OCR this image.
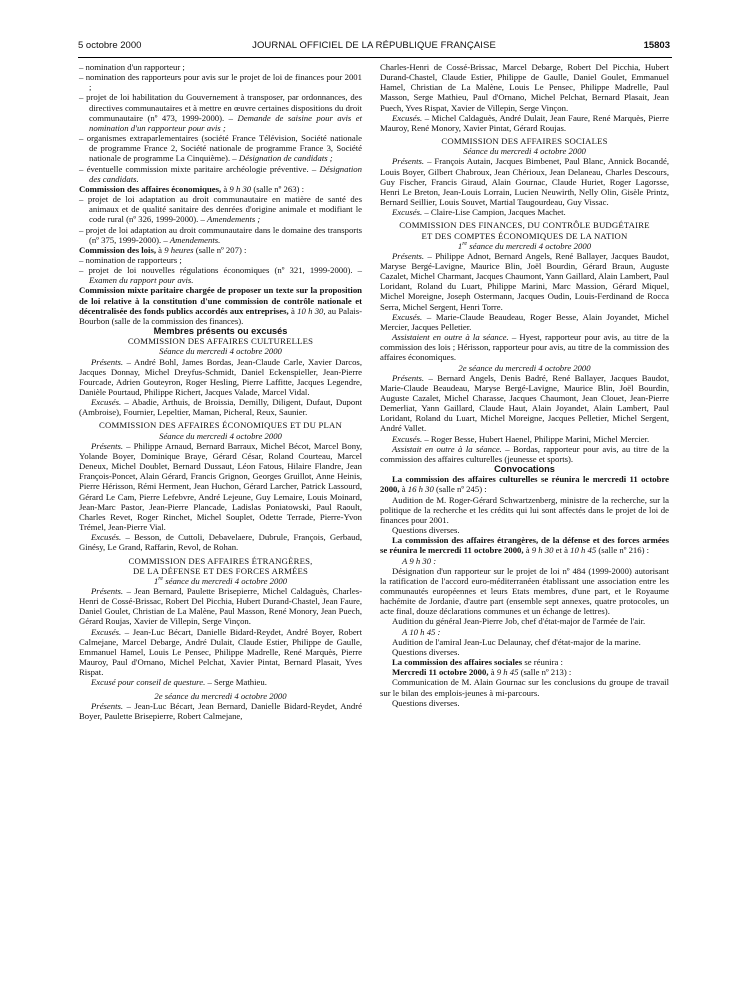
5 octobre 2000	JOURNAL OFFICIEL DE LA RÉPUBLIQUE FRANÇAISE	15803

– nomination d'un rapporteur ;

– nomination des rapporteurs pour avis sur le projet de loi de finances pour 2001 ;

– projet de loi habilitation du Gouvernement à transposer, par ordonnances, des directives communautaires et à mettre en œuvre certaines dispositions du droit communautaire (nº 473, 1999-2000). – Demande de saisine pour avis et nomination d'un rapporteur pour avis ;

– organismes extraparlementaires (société France Télévision, Société nationale de programme France 2, Société nationale de programme France 3, Société nationale de programme La Cinquième). – Désignation de candidats ;

– éventuelle commission mixte paritaire archéologie préventive. – Désignation des candidats.

Commission des affaires économiques, à 9 h 30 (salle nº 263) :

– projet de loi adaptation au droit communautaire en matière de santé des animaux et de qualité sanitaire des denrées d'origine animale et modifiant le code rural (nº 326, 1999-2000). – Amendements ;

– projet de loi adaptation au droit communautaire dans le domaine des transports (nº 375, 1999-2000). – Amendements.

Commission des lois, à 9 heures (salle nº 207) :

– nomination de rapporteurs ;

– projet de loi nouvelles régulations économiques (nº 321, 1999-2000). – Examen du rapport pour avis.

Commission mixte paritaire chargée de proposer un texte sur la proposition de loi relative à la constitution d'une commission de contrôle nationale et décentralisée des fonds publics accordés aux entreprises, à 10 h 30, au Palais-Bourbon (salle de la commission des finances).

Membres présents ou excusés

COMMISSION DES AFFAIRES CULTURELLES

Séance du mercredi 4 octobre 2000

Présents. – André Bohl, James Bordas, Jean-Claude Carle, Xavier Darcos, Jacques Donnay, Michel Dreyfus-Schmidt, Daniel Eckenspieller, Jean-Pierre Fourcade, Adrien Gouteyron, Roger Hesling, Pierre Laffitte, Jacques Legendre, Danièle Pourtaud, Philippe Richert, Jacques Valade, Marcel Vidal.

Excusés. – Abadie, Arthuis, de Broissia, Demilly, Diligent, Dufaut, Dupont (Ambroise), Fournier, Lepeltier, Maman, Picheral, Reux, Saunier.

COMMISSION DES AFFAIRES ÉCONOMIQUES ET DU PLAN

Séance du mercredi 4 octobre 2000

Présents. – Philippe Arnaud, Bernard Barraux, Michel Bécot, Marcel Bony, Yolande Boyer, Dominique Braye, Gérard César, Roland Courteau, Marcel Deneux, Michel Doublet, Bernard Dussaut, Léon Fatous, Hilaire Flandre, Jean François-Poncet, Alain Gérard, Francis Grignon, Georges Gruillot, Anne Heinis, Pierre Hérisson, Rémi Herment, Jean Huchon, Gérard Larcher, Patrick Lassourd, Gérard Le Cam, Pierre Lefebvre, André Lejeune, Guy Lemaire, Louis Moinard, Jean-Marc Pastor, Jean-Pierre Plancade, Ladislas Poniatowski, Paul Raoult, Charles Revet, Roger Rinchet, Michel Souplet, Odette Terrade, Pierre-Yvon Trémel, Jean-Pierre Vial.

Excusés. – Besson, de Cuttoli, Debavelaere, Dubrule, François, Gerbaud, Ginésy, Le Grand, Raffarin, Revol, de Rohan.

COMMISSION DES AFFAIRES ÉTRANGÈRES,

DE LA DÉFENSE ET DES FORCES ARMÉES

1re séance du mercredi 4 octobre 2000

Présents. – Jean Bernard, Paulette Brisepierre, Michel Caldaguès, Charles-Henri de Cossé-Brissac, Robert Del Picchia, Hubert Durand-Chastel, Jean Faure, Daniel Goulet, Christian de La Malène, Paul Masson, René Monory, Jean Puech, Gérard Roujas, Xavier de Villepin, Serge Vinçon.

Excusés. – Jean-Luc Bécart, Danielle Bidard-Reydet, André Boyer, Robert Calmejane, Marcel Debarge, André Dulait, Claude Estier, Philippe de Gaulle, Emmanuel Hamel, Louis Le Pensec, Philippe Madrelle, René Marquès, Pierre Mauroy, Paul d'Ornano, Michel Pelchat, Xavier Pintat, Bernard Plasait, Yves Rispat.

Excusé pour conseil de questure. – Serge Mathieu.

2e séance du mercredi 4 octobre 2000

Présents. – Jean-Luc Bécart, Jean Bernard, Danielle Bidard-Reydet, André Boyer, Paulette Brisepierre, Robert Calmejane,

Charles-Henri de Cossé-Brissac, Marcel Debarge, Robert Del Picchia, Hubert Durand-Chastel, Claude Estier, Philippe de Gaulle, Daniel Goulet, Emmanuel Hamel, Christian de La Malène, Louis Le Pensec, Philippe Madrelle, Paul Masson, Serge Mathieu, Paul d'Ornano, Michel Pelchat, Bernard Plasait, Jean Puech, Yves Rispat, Xavier de Villepin, Serge Vinçon.

Excusés. – Michel Caldaguès, André Dulait, Jean Faure, René Marquès, Pierre Mauroy, René Monory, Xavier Pintat, Gérard Roujas.

COMMISSION DES AFFAIRES SOCIALES

Séance du mercredi 4 octobre 2000

Présents. – François Autain, Jacques Bimbenet, Paul Blanc, Annick Bocandé, Louis Boyer, Gilbert Chabroux, Jean Chérioux, Jean Delaneau, Charles Descours, Guy Fischer, Francis Giraud, Alain Gournac, Claude Huriet, Roger Lagorsse, Henri Le Breton, Jean-Louis Lorrain, Lucien Neuwirth, Nelly Olin, Gisèle Printz, Bernard Seillier, Louis Souvet, Martial Taugourdeau, Guy Vissac.

Excusés. – Claire-Lise Campion, Jacques Machet.

COMMISSION DES FINANCES, DU CONTRÔLE BUDGÉTAIRE

ET DES COMPTES ÉCONOMIQUES DE LA NATION

1re séance du mercredi 4 octobre 2000

Présents. – Philippe Adnot, Bernard Angels, René Ballayer, Jacques Baudot, Maryse Bergé-Lavigne, Maurice Blin, Joël Bourdin, Gérard Braun, Auguste Cazalet, Michel Charmant, Jacques Chaumont, Yann Gaillard, Alain Lambert, Paul Loridant, Roland du Luart, Philippe Marini, Marc Massion, Gérard Miquel, Michel Moreigne, Joseph Ostermann, Jacques Oudin, Louis-Ferdinand de Rocca Serra, Michel Sergent, Henri Torre.

Excusés. – Marie-Claude Beaudeau, Roger Besse, Alain Joyandet, Michel Mercier, Jacques Pelletier.

Assistaient en outre à la séance. – Hyest, rapporteur pour avis, au titre de la commission des lois ; Hérisson, rapporteur pour avis, au titre de la commission des affaires économiques.

2e séance du mercredi 4 octobre 2000

Présents. – Bernard Angels, Denis Badré, René Ballayer, Jacques Baudot, Marie-Claude Beaudeau, Maryse Bergé-Lavigne, Maurice Blin, Joël Bourdin, Auguste Cazalet, Michel Charasse, Jacques Chaumont, Jean Clouet, Jean-Pierre Demerliat, Yann Gaillard, Claude Haut, Alain Joyandet, Alain Lambert, Paul Loridant, Roland du Luart, Michel Moreigne, Jacques Pelletier, Michel Sergent, André Vallet.

Excusés. – Roger Besse, Hubert Haenel, Philippe Marini, Michel Mercier.

Assistait en outre à la séance. – Bordas, rapporteur pour avis, au titre de la commission des affaires culturelles (jeunesse et sports).

Convocations

La commission des affaires culturelles se réunira le mercredi 11 octobre 2000, à 16 h 30 (salle nº 245) :

Audition de M. Roger-Gérard Schwartzenberg, ministre de la recherche, sur la politique de la recherche et les crédits qui lui sont affectés dans le projet de loi de finances pour 2001.

Questions diverses.

La commission des affaires étrangères, de la défense et des forces armées se réunira le mercredi 11 octobre 2000, à 9 h 30 et à 10 h 45 (salle nº 216) :

A 9 h 30 :

Désignation d'un rapporteur sur le projet de loi nº 484 (1999-2000) autorisant la ratification de l'accord euro-méditerranéen établissant une association entre les communautés européennes et leurs Etats membres, d'une part, et le Royaume hachémite de Jordanie, d'autre part (ensemble sept annexes, quatre protocoles, un acte final, douze déclarations communes et un échange de lettres).

Audition du général Jean-Pierre Job, chef d'état-major de l'armée de l'air.

A 10 h 45 :

Audition de l'amiral Jean-Luc Delaunay, chef d'état-major de la marine.

Questions diverses.

La commission des affaires sociales se réunira :

Mercredi 11 octobre 2000, à 9 h 45 (salle nº 213) :

Communication de M. Alain Gournac sur les conclusions du groupe de travail sur le bilan des emplois-jeunes à mi-parcours.

Questions diverses.
